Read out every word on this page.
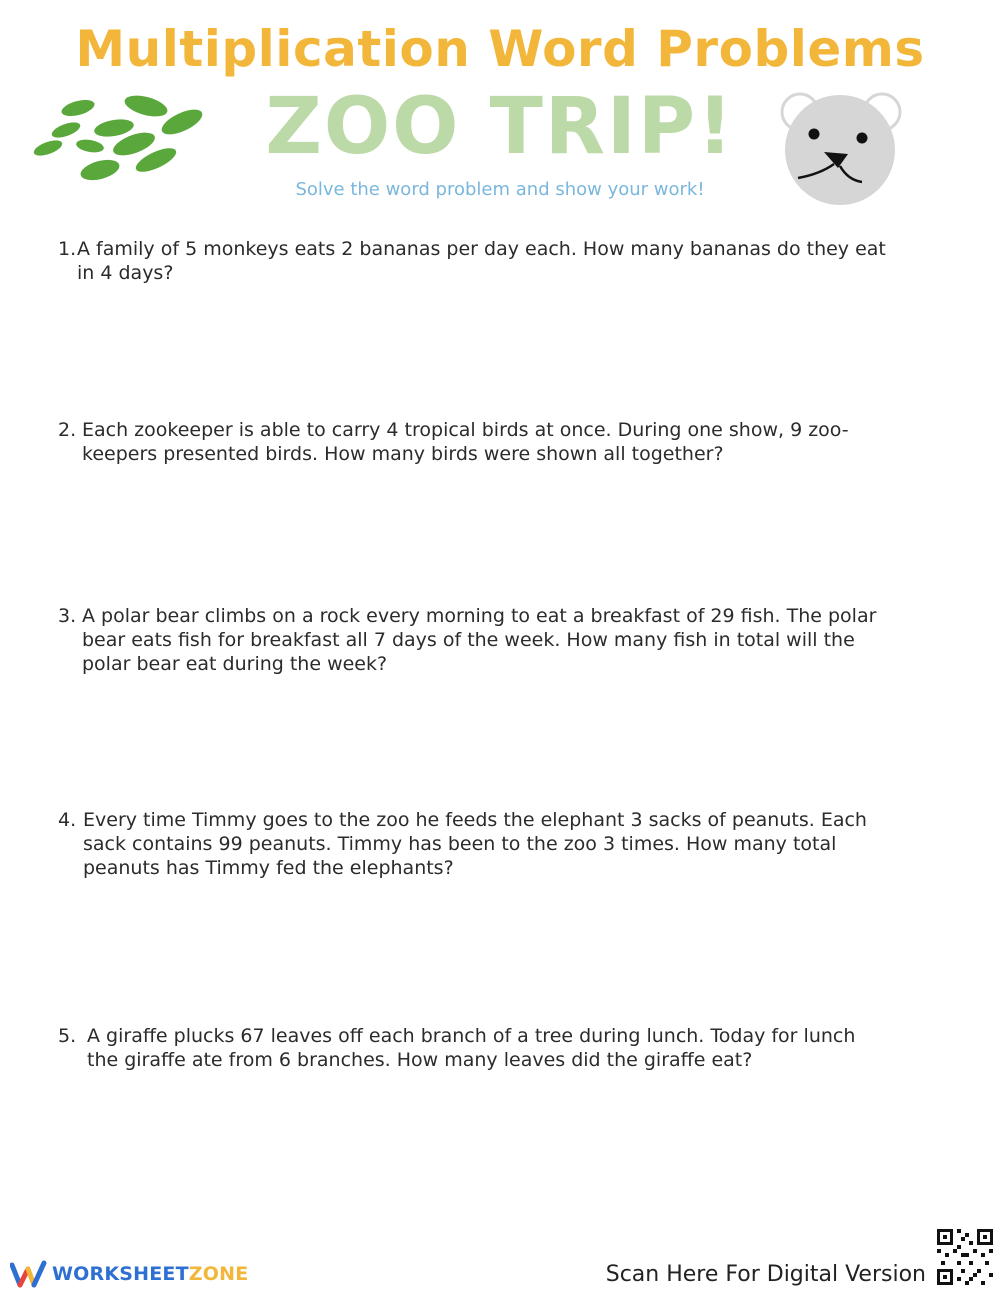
Multiplication Word Problems
ZOO TRIP!
Solve the word problem and show your work!
1. A family of 5 monkeys eats 2 bananas per day each. How many bananas do they eat in 4 days?
2. Each zookeeper is able to carry 4 tropical birds at once. During one show, 9 zoo-keepers presented birds. How many birds were shown all together?
3. A polar bear climbs on a rock every morning to eat a breakfast of 29 fish. The polar bear eats fish for breakfast all 7 days of the week. How many fish in total will the polar bear eat during the week?
4. Every time Timmy goes to the zoo he feeds the elephant 3 sacks of peanuts. Each sack contains 99 peanuts. Timmy has been to the zoo 3 times. How many total peanuts has Timmy fed the elephants?
5. A giraffe plucks 67 leaves off each branch of a tree during lunch. Today for lunch the giraffe ate from 6 branches. How many leaves did the giraffe eat?
WORKSHEETZONE	Scan Here For Digital Version
